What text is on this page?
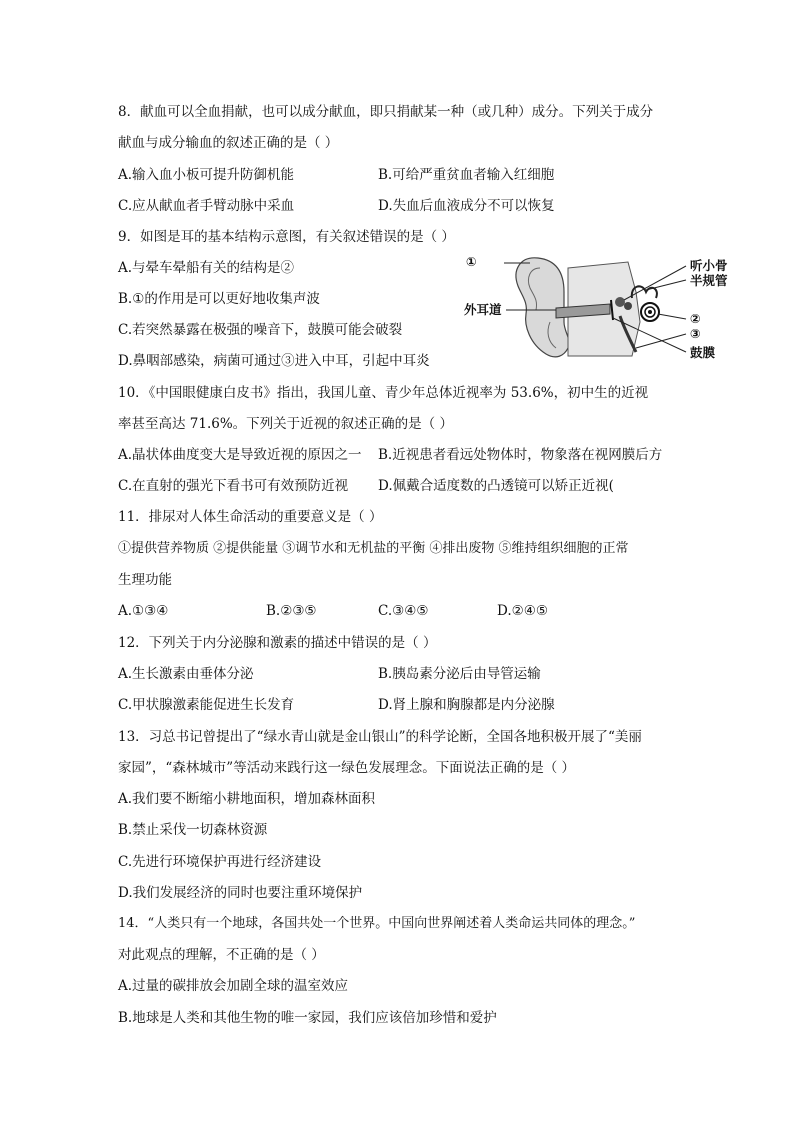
8．献血可以全血捐献，也可以成分献血，即只捐献某一种（或几种）成分。下列关于成分
献血与成分输血的叙述正确的是（ ）
A.输入血小板可提升防御机能	B.可给严重贫血者输入红细胞
C.应从献血者手臂动脉中采血	D.失血后血液成分不可以恢复
9．如图是耳的基本结构示意图，有关叙述错误的是（ ）
A.与晕车晕船有关的结构是②
B.①的作用是可以更好地收集声波
C.若突然暴露在极强的噪音下，鼓膜可能会破裂
D.鼻咽部感染，病菌可通过③进入中耳，引起中耳炎
①
外耳道
听小骨
半规管
②
③
鼓膜
10．《中国眼健康白皮书》指出，我国儿童、青少年总体近视率为 53.6%，初中生的近视
率甚至高达 71.6%。下列关于近视的叙述正确的是（ ）
A.晶状体曲度变大是导致近视的原因之一 B.近视患者看远处物体时，物象落在视网膜后方
C.在直射的强光下看书可有效预防近视 D.佩戴合适度数的凸透镜可以矫正近视(
11．排尿对人体生命活动的重要意义是（ ）
①提供营养物质 ②提供能量 ③调节水和无机盐的平衡 ④排出废物 ⑤维持组织细胞的正常
生理功能
A.①③④	B.②③⑤	C.③④⑤	D.②④⑤
12．下列关于内分泌腺和激素的描述中错误的是（ ）
A.生长激素由垂体分泌	B.胰岛素分泌后由导管运输
C.甲状腺激素能促进生长发育	D.肾上腺和胸腺都是内分泌腺
13．习总书记曾提出了“绿水青山就是金山银山”的科学论断，全国各地积极开展了“美丽
家园”，“森林城市”等活动来践行这一绿色发展理念。下面说法正确的是（ ）
A.我们要不断缩小耕地面积，增加森林面积
B.禁止采伐一切森林资源
C.先进行环境保护再进行经济建设
D.我们发展经济的同时也要注重环境保护
14．“人类只有一个地球，各国共处一个世界。中国向世界阐述着人类命运共同体的理念。”
对此观点的理解，不正确的是（ ）
A.过量的碳排放会加剧全球的温室效应
B.地球是人类和其他生物的唯一家园，我们应该倍加珍惜和爱护
